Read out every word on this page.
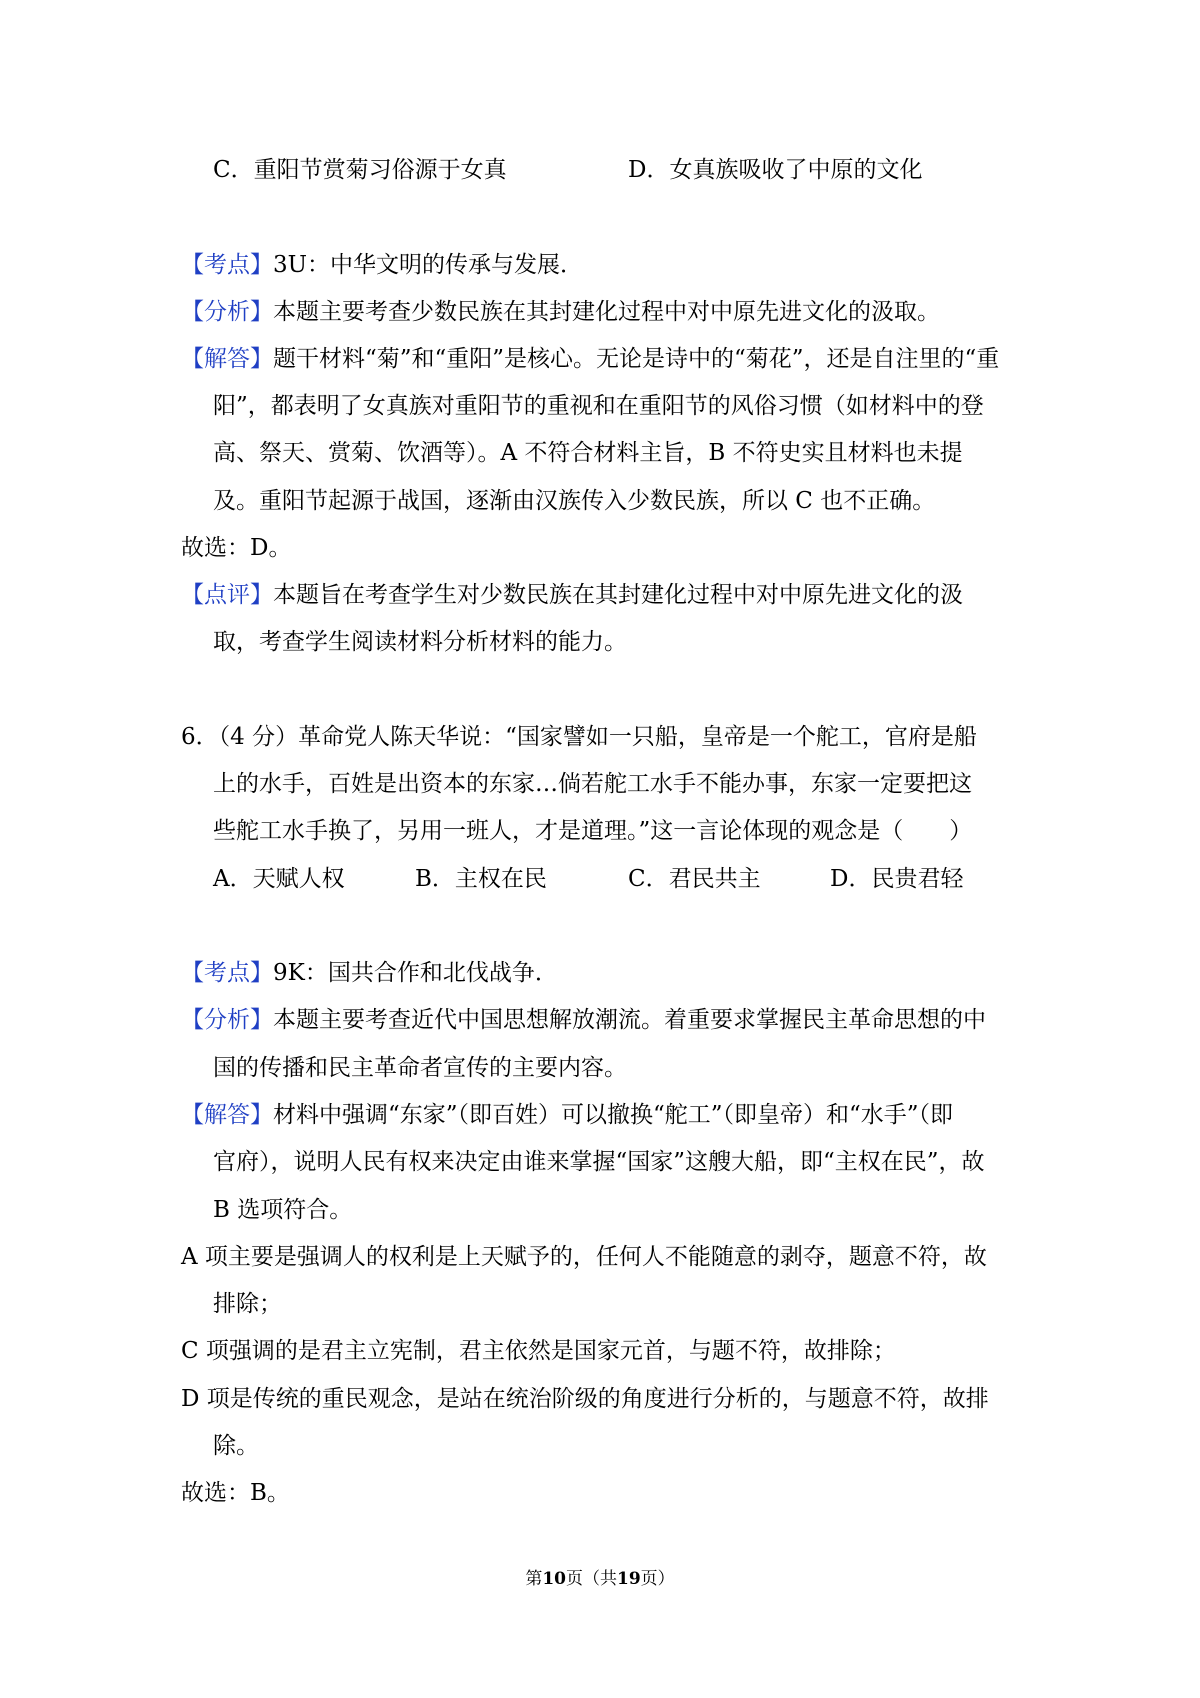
C．重阳节赏菊习俗源于女真	D．女真族吸收了中原的文化
【考点】3U：中华文明的传承与发展．
【分析】本题主要考查少数民族在其封建化过程中对中原先进文化的汲取。
【解答】题干材料“菊”和“重阳”是核心。无论是诗中的“菊花”，还是自注里的“重
阳”，都表明了女真族对重阳节的重视和在重阳节的风俗习惯（如材料中的登
高、祭天、赏菊、饮酒等）。A 不符合材料主旨，B 不符史实且材料也未提
及。重阳节起源于战国，逐渐由汉族传入少数民族，所以 C 也不正确。
故选：D。
【点评】本题旨在考查学生对少数民族在其封建化过程中对中原先进文化的汲
取，考查学生阅读材料分析材料的能力。
6．（4 分）革命党人陈天华说：“国家譬如一只船，皇帝是一个舵工，官府是船
上的水手，百姓是出资本的东家…倘若舵工水手不能办事，东家一定要把这
些舵工水手换了，另用一班人，才是道理。”这一言论体现的观念是（　　）
A．天赋人权	B．主权在民	C．君民共主	D．民贵君轻
【考点】9K：国共合作和北伐战争．
【分析】本题主要考查近代中国思想解放潮流。着重要求掌握民主革命思想的中
国的传播和民主革命者宣传的主要内容。
【解答】材料中强调“东家”（即百姓）可以撤换“舵工”（即皇帝）和“水手”（即
官府），说明人民有权来决定由谁来掌握“国家”这艘大船，即“主权在民”，故
B 选项符合。
A 项主要是强调人的权利是上天赋予的，任何人不能随意的剥夺，题意不符，故
排除；
C 项强调的是君主立宪制，君主依然是国家元首，与题不符，故排除；
D 项是传统的重民观念，是站在统治阶级的角度进行分析的，与题意不符，故排
除。
故选：B。
第10页（共19页）
